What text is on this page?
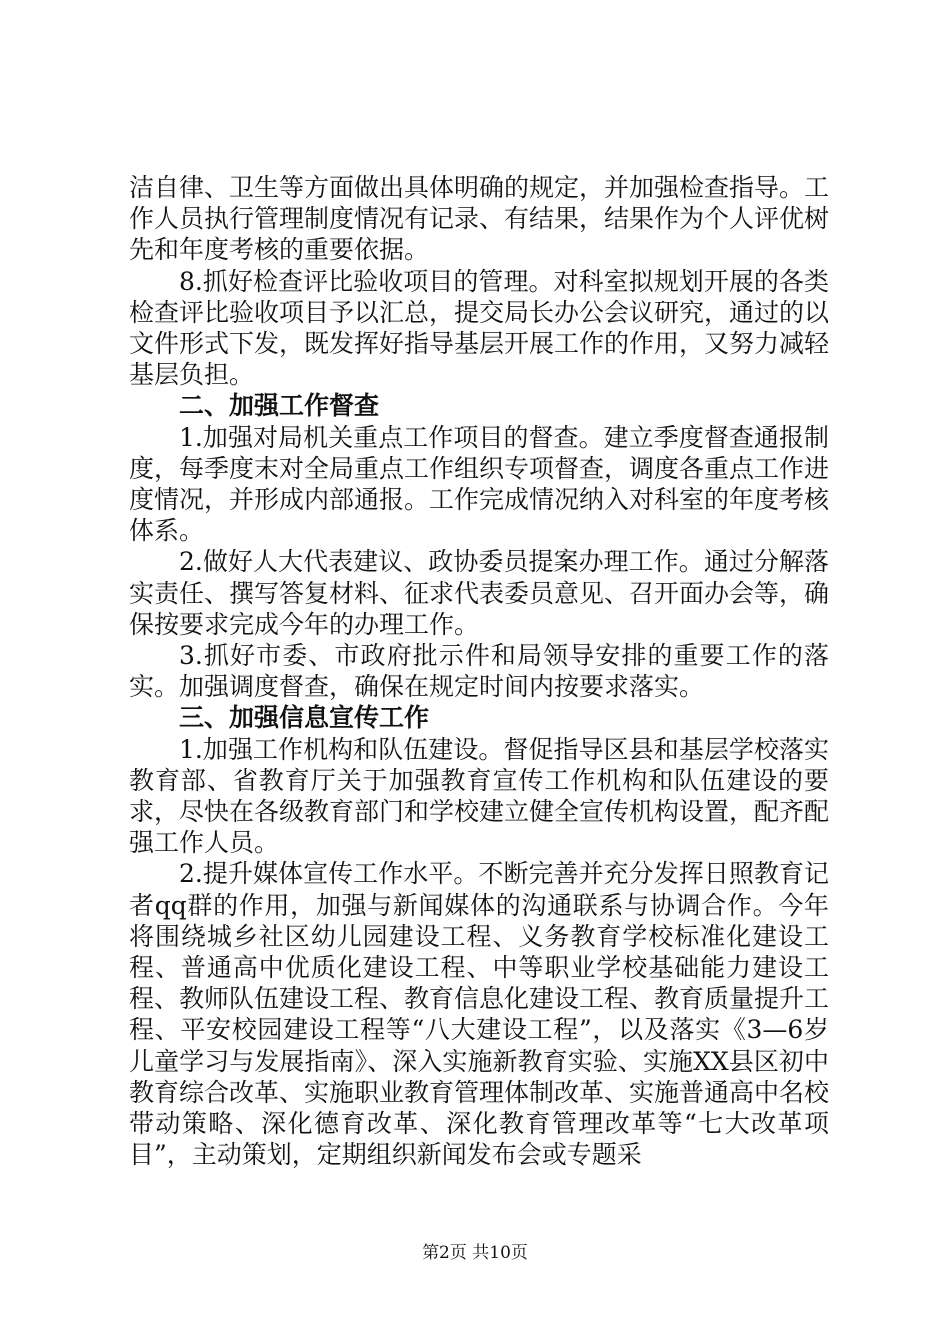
洁自律、卫生等方面做出具体明确的规定，并加强检查指导。工作人员执行管理制度情况有记录、有结果，结果作为个人评优树先和年度考核的重要依据。

8.抓好检查评比验收项目的管理。对科室拟规划开展的各类检查评比验收项目予以汇总，提交局长办公会议研究，通过的以文件形式下发，既发挥好指导基层开展工作的作用，又努力减轻基层负担。

二、加强工作督查

1.加强对局机关重点工作项目的督查。建立季度督查通报制度，每季度末对全局重点工作组织专项督查，调度各重点工作进度情况，并形成内部通报。工作完成情况纳入对科室的年度考核体系。

2.做好人大代表建议、政协委员提案办理工作。通过分解落实责任、撰写答复材料、征求代表委员意见、召开面办会等，确保按要求完成今年的办理工作。

3.抓好市委、市政府批示件和局领导安排的重要工作的落实。加强调度督查，确保在规定时间内按要求落实。

三、加强信息宣传工作

1.加强工作机构和队伍建设。督促指导区县和基层学校落实教育部、省教育厅关于加强教育宣传工作机构和队伍建设的要求，尽快在各级教育部门和学校建立健全宣传机构设置，配齐配强工作人员。

2.提升媒体宣传工作水平。不断完善并充分发挥日照教育记者qq群的作用，加强与新闻媒体的沟通联系与协调合作。今年将围绕城乡社区幼儿园建设工程、义务教育学校标准化建设工程、普通高中优质化建设工程、中等职业学校基础能力建设工程、教师队伍建设工程、教育信息化建设工程、教育质量提升工程、平安校园建设工程等“八大建设工程”，以及落实《3—6岁儿童学习与发展指南》、深入实施新教育实验、实施XX县区初中教育综合改革、实施职业教育管理体制改革、实施普通高中名校带动策略、深化德育改革、深化教育管理改革等“七大改革项目”，主动策划，定期组织新闻发布会或专题采

第2页 共10页
